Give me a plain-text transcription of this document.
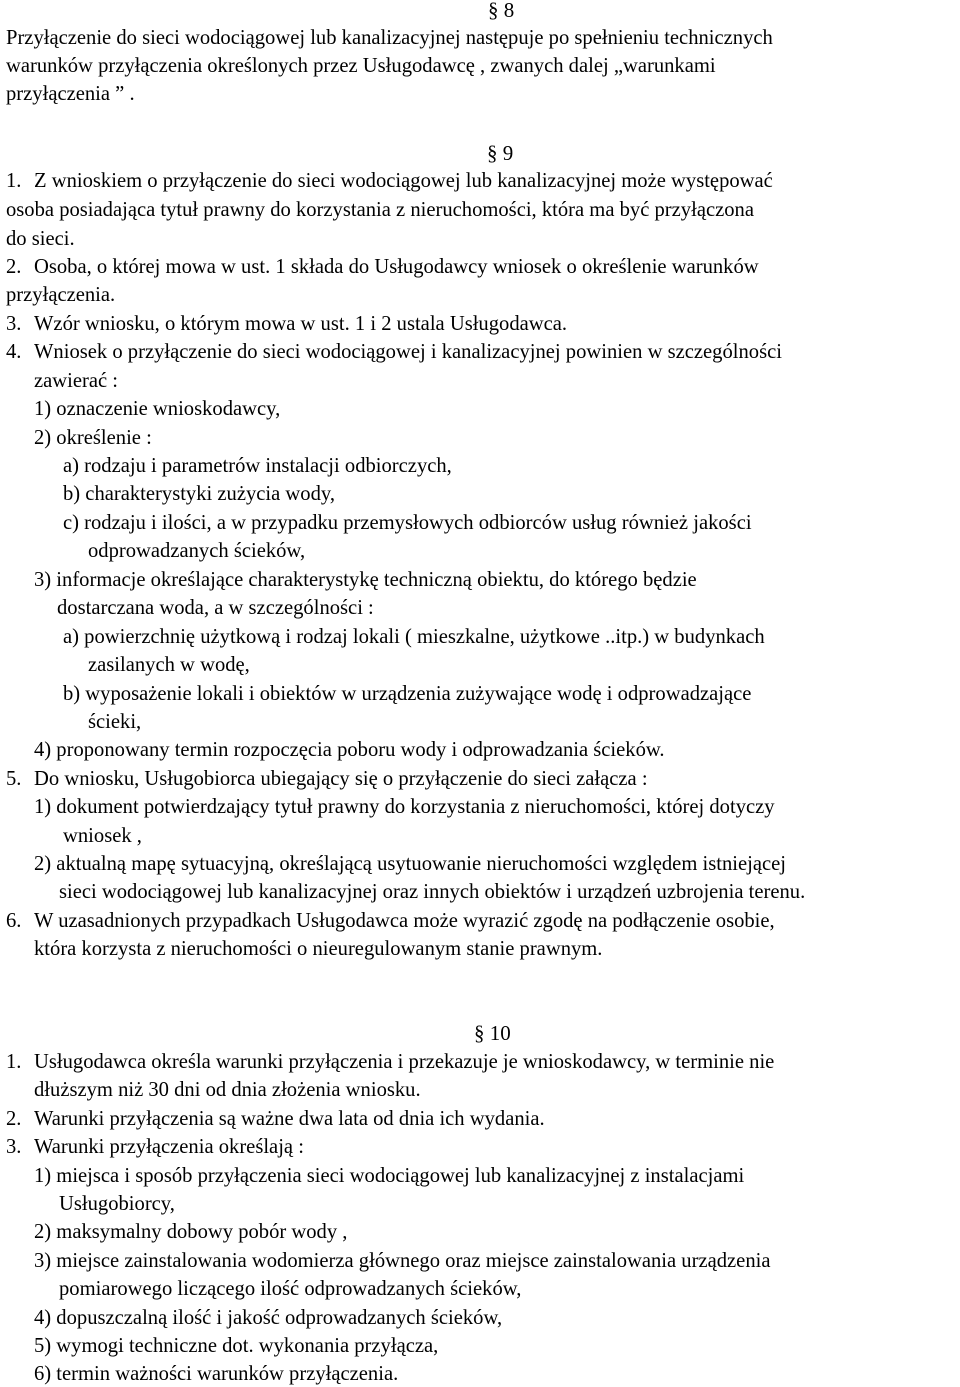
§ 8
Przyłączenie do sieci wodociągowej lub kanalizacyjnej następuje po spełnieniu technicznych
warunków przyłączenia określonych przez Usługodawcę , zwanych dalej „warunkami
przyłączenia ” .
§ 9
1. Z wnioskiem o przyłączenie do sieci wodociągowej lub kanalizacyjnej może występować
osoba posiadająca tytuł prawny do korzystania z nieruchomości, która ma być przyłączona
do sieci.
2. Osoba, o której mowa w ust. 1 składa do Usługodawcy wniosek o określenie warunków
przyłączenia.
3. Wzór wniosku, o którym mowa w ust. 1 i 2 ustala Usługodawca.
4. Wniosek o przyłączenie do sieci wodociągowej i kanalizacyjnej powinien w szczególności
zawierać :
1) oznaczenie wnioskodawcy,
2) określenie :
a) rodzaju i parametrów instalacji odbiorczych,
b) charakterystyki zużycia wody,
c) rodzaju i ilości, a w przypadku przemysłowych odbiorców usług również jakości
odprowadzanych ścieków,
3) informacje określające charakterystykę techniczną obiektu, do którego będzie
dostarczana woda, a w szczególności :
a) powierzchnię użytkową i rodzaj lokali ( mieszkalne, użytkowe ..itp.) w budynkach
zasilanych w wodę,
b) wyposażenie lokali i obiektów w urządzenia zużywające wodę i odprowadzające
ścieki,
4) proponowany termin rozpoczęcia poboru wody i odprowadzania ścieków.
5. Do wniosku, Usługobiorca ubiegający się o przyłączenie do sieci załącza :
1) dokument potwierdzający tytuł prawny do korzystania z nieruchomości, której dotyczy
wniosek ,
2) aktualną mapę sytuacyjną, określającą usytuowanie nieruchomości względem istniejącej
sieci wodociągowej lub kanalizacyjnej oraz innych obiektów i urządzeń uzbrojenia terenu.
6. W uzasadnionych przypadkach Usługodawca może wyrazić zgodę na podłączenie osobie,
która korzysta z nieruchomości o nieuregulowanym stanie prawnym.
§ 10
1. Usługodawca określa warunki przyłączenia i przekazuje je wnioskodawcy, w terminie nie
dłuższym niż 30 dni od dnia złożenia wniosku.
2. Warunki przyłączenia są ważne dwa lata od dnia ich wydania.
3. Warunki przyłączenia określają :
1) miejsca i sposób przyłączenia sieci wodociągowej lub kanalizacyjnej z instalacjami
Usługobiorcy,
2) maksymalny dobowy pobór wody ,
3) miejsce zainstalowania wodomierza głównego oraz miejsce zainstalowania urządzenia
pomiarowego liczącego ilość odprowadzanych ścieków,
4) dopuszczalną ilość i jakość odprowadzanych ścieków,
5) wymogi techniczne dot. wykonania przyłącza,
6) termin ważności warunków przyłączenia.
